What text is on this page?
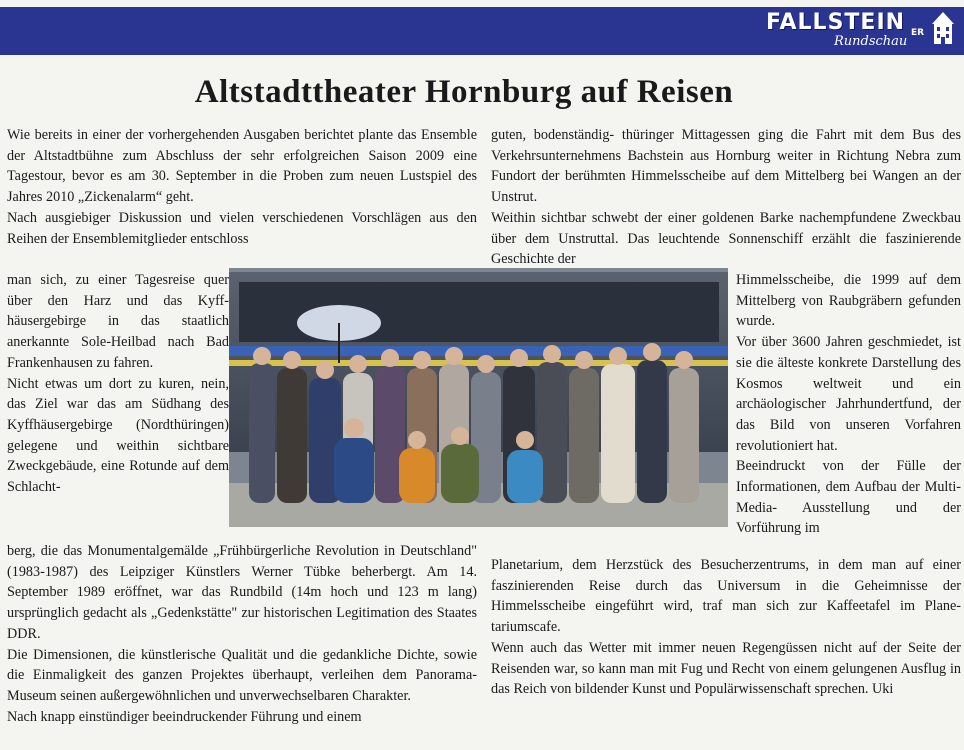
FALLSTEIN ER
Rundschau
Altstadttheater Hornburg auf Reisen
Wie bereits in einer der vorhergehenden Ausgaben berichtet plante das Ensemble der Altstadtbühne zum Abschluss der sehr erfolgreichen Saison 2009 eine Tagestour, bevor es am 30. September in die Proben zum neuen Lustspiel des Jahres 2010 „Zickenalarm“ geht.
Nach ausgiebiger Diskussion und vielen verschiedenen Vorschlägen aus den Reihen der Ensemblemitglieder entschloss
man sich, zu einer Tagesreise quer über den Harz und das Kyff-häusergebirge in das staatlich anerkannte Sole-Heilbad nach Bad Frankenhausen zu fahren.
Nicht etwas um dort zu kuren, nein, das Ziel war das am Südhang des Kyffhäusergebirge (Nordthüringen) gelegene und weithin sichtbare Zweckgebäude, eine Rotunde auf dem Schlacht-
berg, die das Monumentalgemälde „Frühbürgerliche Revolution in Deutschland" (1983-1987) des Leipziger Künstlers Werner Tübke beherbergt. Am 14. September 1989 eröffnet, war das Rundbild (14m hoch und 123 m lang) ursprünglich gedacht als „Gedenkstätte" zur historischen Legitimation des Staates DDR.
Die Dimensionen, die künstlerische Qualität und die gedankliche Dichte, sowie die Einmaligkeit des ganzen Projektes überhaupt, verleihen dem Panorama-Museum seinen außergewöhnlichen und unverwechselbaren Charakter.
Nach knapp einstündiger beeindruckender Führung und einem
guten, bodenständig- thüringer Mittagessen ging die Fahrt mit dem Bus des Verkehrsunternehmens Bachstein aus Hornburg weiter in Richtung Nebra zum Fundort der berühmten Himmelsscheibe auf dem Mittelberg bei Wangen an der Unstrut.
Weithin sichtbar schwebt der einer goldenen Barke nachempfundene Zweckbau über dem Unstruttal. Das leuchtende Sonnenschiff erzählt die faszinierende Geschichte der
Himmelsscheibe, die 1999 auf dem Mittelberg von Raubgräbern gefunden wurde.
Vor über 3600 Jahren geschmiedet, ist sie die älteste konkrete Darstellung des Kosmos weltweit und ein archäologischer Jahrhundertfund, der das Bild von unseren Vorfahren revolutioniert hat.
Beeindruckt von der Fülle der Informationen, dem Aufbau der Multi- Media- Ausstellung und der Vorführung im
Planetarium, dem Herzstück des Besucherzentrums, in dem man auf einer faszinierenden Reise durch das Universum in die Geheimnisse der Himmelsscheibe eingeführt wird, traf man sich zur Kaffeetafel im Plane-tariumscafe.
Wenn auch das Wetter mit immer neuen Regengüssen nicht auf der Seite der Reisenden war, so kann man mit Fug und Recht von einem gelungenen Ausflug in das Reich von bildender Kunst und Populärwissenschaft sprechen. Uki
